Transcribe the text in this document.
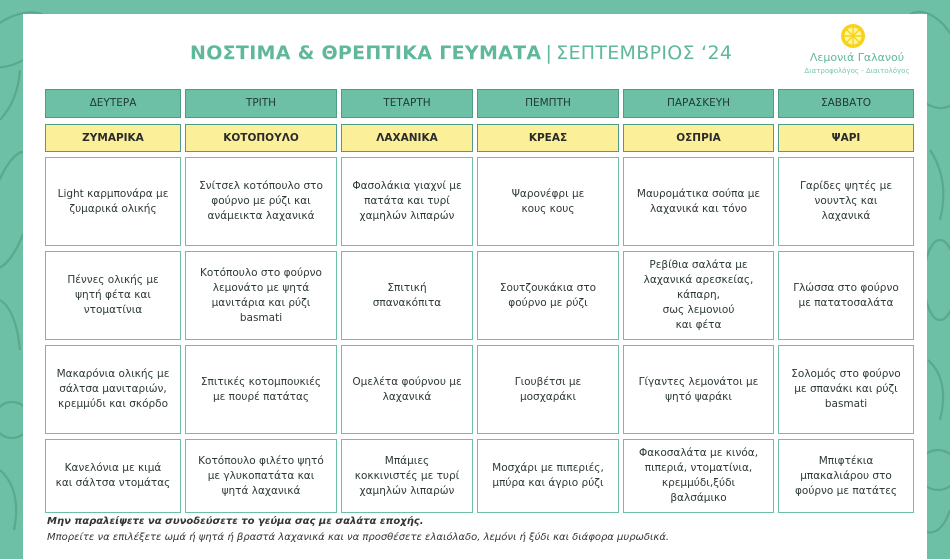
ΝΟΣΤΙΜΑ & ΘΡΕΠΤΙΚΑ ΓΕΥΜΑΤΑ | ΣΕΠΤΕΜΒΡΙΟΣ ‘24	Λεμονιά Γαλανού
Διατροφολόγος - Διαιτολόγος
ΔΕΥΤΕΡΑ
ΖΥΜΑΡΙΚΑ
ΤΡΙΤΗ
ΚΟΤΟΠΟΥΛΟ
ΤΕΤΑΡΤΗ
ΛΑΧΑΝΙΚΑ
ΠΕΜΠΤΗ
ΚΡΕΑΣ
ΠΑΡΑΣΚΕΥΗ
ΟΣΠΡΙΑ
ΣΑΒΒΑΤΟ
ΨΑΡΙ
Light καρμπονάρα με
ζυμαρικά ολικής
Σνίτσελ κοτόπουλο στο
φούρνο με ρύζι και
ανάμεικτα λαχανικά
Φασολάκια γιαχνί με
πατάτα και τυρί
χαμηλών λιπαρών
Ψαρονέφρι με
κους κους
Μαυρομάτικα σούπα με
λαχανικά και τόνο
Γαρίδες ψητές με
νουντλς και
λαχανικά
Πέννες ολικής με
ψητή φέτα και
ντοματίνια
Κοτόπουλο στο φούρνο
λεμονάτο με ψητά
μανιτάρια και ρύζι
basmati
Σπιτική
σπανακόπιτα
Σουτζουκάκια στο
φούρνο με ρύζι
Ρεβίθια σαλάτα με
λαχανικά αρεσκείας,
κάπαρη,
σως λεμονιού
και φέτα
Γλώσσα στο φούρνο
με πατατοσαλάτα
Μακαρόνια ολικής με
σάλτσα μανιταριών,
κρεμμύδι και σκόρδο
Σπιτικές κοτομπουκιές
με πουρέ πατάτας
Ομελέτα φούρνου με
λαχανικά
Γιουβέτσι με
μοσχαράκι
Γίγαντες λεμονάτοι με
ψητό ψαράκι
Σολομός στο φούρνο
με σπανάκι και ρύζι
basmati
Κανελόνια με κιμά
και σάλτσα ντομάτας
Κοτόπουλο φιλέτο ψητό
με γλυκοπατάτα και
ψητά λαχανικά
Μπάμιες
κοκκινιστές με τυρί
χαμηλών λιπαρών
Μοσχάρι με πιπεριές,
μπύρα και άγριο ρύζι
Φακοσαλάτα με κινόα,
πιπεριά, ντοματίνια,
κρεμμύδι,ξύδι
βαλσάμικο
Μπιφτέκια
μπακαλιάρου στο
φούρνο με πατάτες
Μην παραλείψετε να συνοδεύσετε το γεύμα σας με σαλάτα εποχής.
Μπορείτε να επιλέξετε ωμά ή ψητά ή βραστά λαχανικά και να προσθέσετε ελαιόλαδο, λεμόνι ή ξύδι και διάφορα μυρωδικά.
